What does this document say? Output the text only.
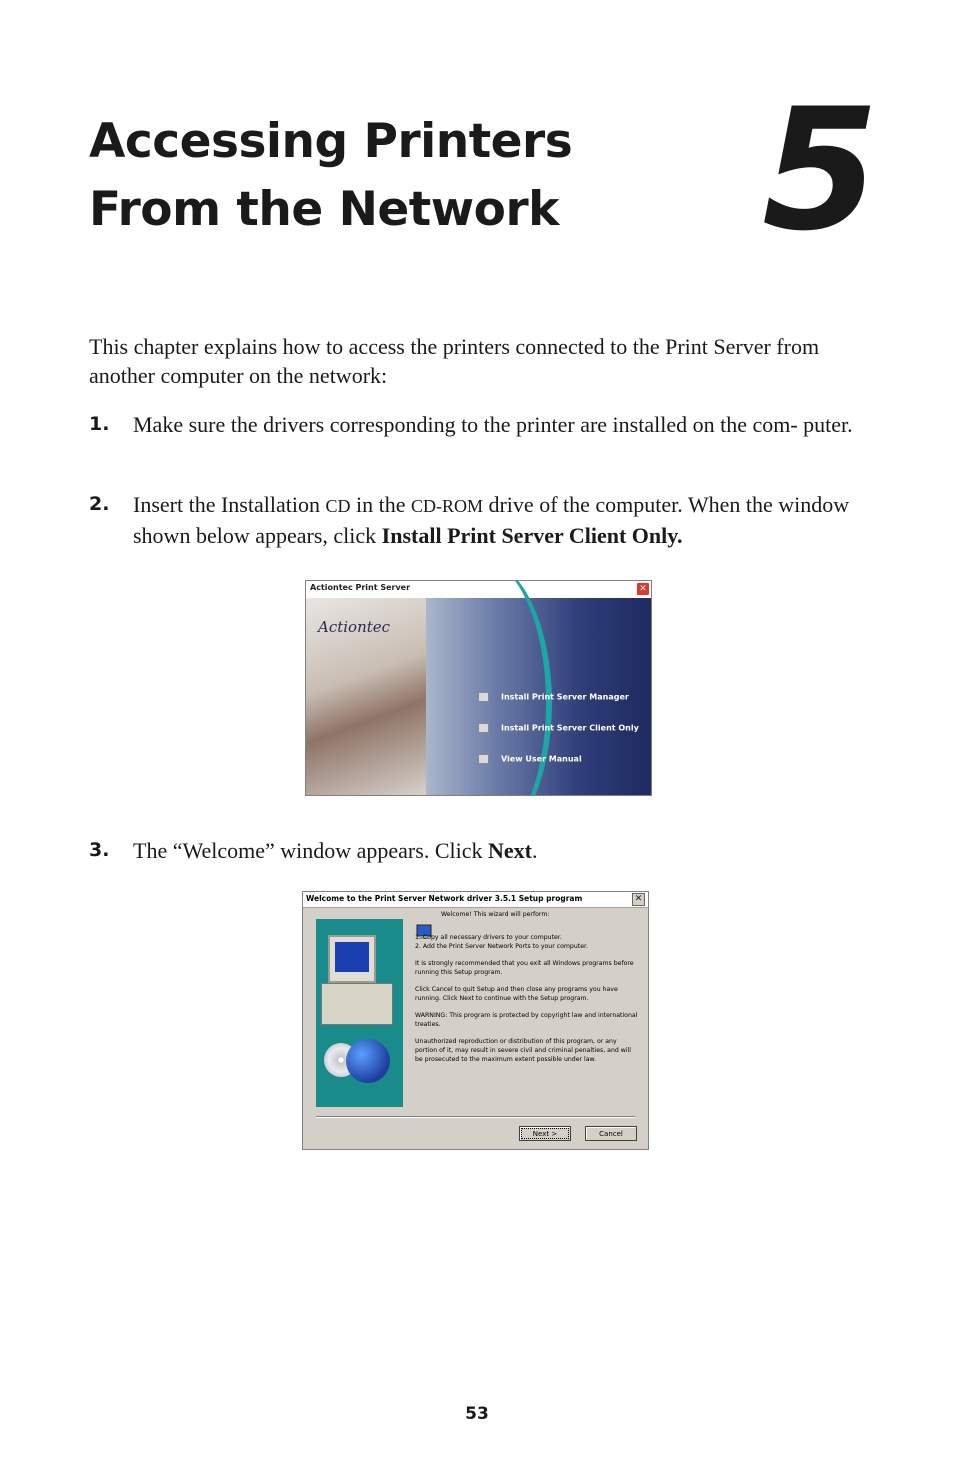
Accessing Printers
From the Network 5

This chapter explains how to access the printers connected to the Print Server from another computer on the network:

1. Make sure the drivers corresponding to the printer are installed on the com- puter.
2. Insert the Installation CD in the CD-ROM drive of the computer. When the window shown below appears, click Install Print Server Client Only.
Actiontec Print Server	✕
Actiontec
Install Print Server Manager
Install Print Server Client Only
View User Manual
3. The “Welcome” window appears. Click Next.
Welcome to the Print Server Network driver 3.5.1 Setup program	✕

Welcome! This wizard will perform:

1. Copy all necessary drivers to your computer.
2. Add the Print Server Network Ports to your computer.

It is strongly recommended that you exit all Windows programs before running this Setup program.

Click Cancel to quit Setup and then close any programs you have running. Click Next to continue with the Setup program.

WARNING: This program is protected by copyright law and international treaties.

Unauthorized reproduction or distribution of this program, or any portion of it, may result in severe civil and criminal penalties, and will be prosecuted to the maximum extent possible under law.

Next >	Cancel
53
